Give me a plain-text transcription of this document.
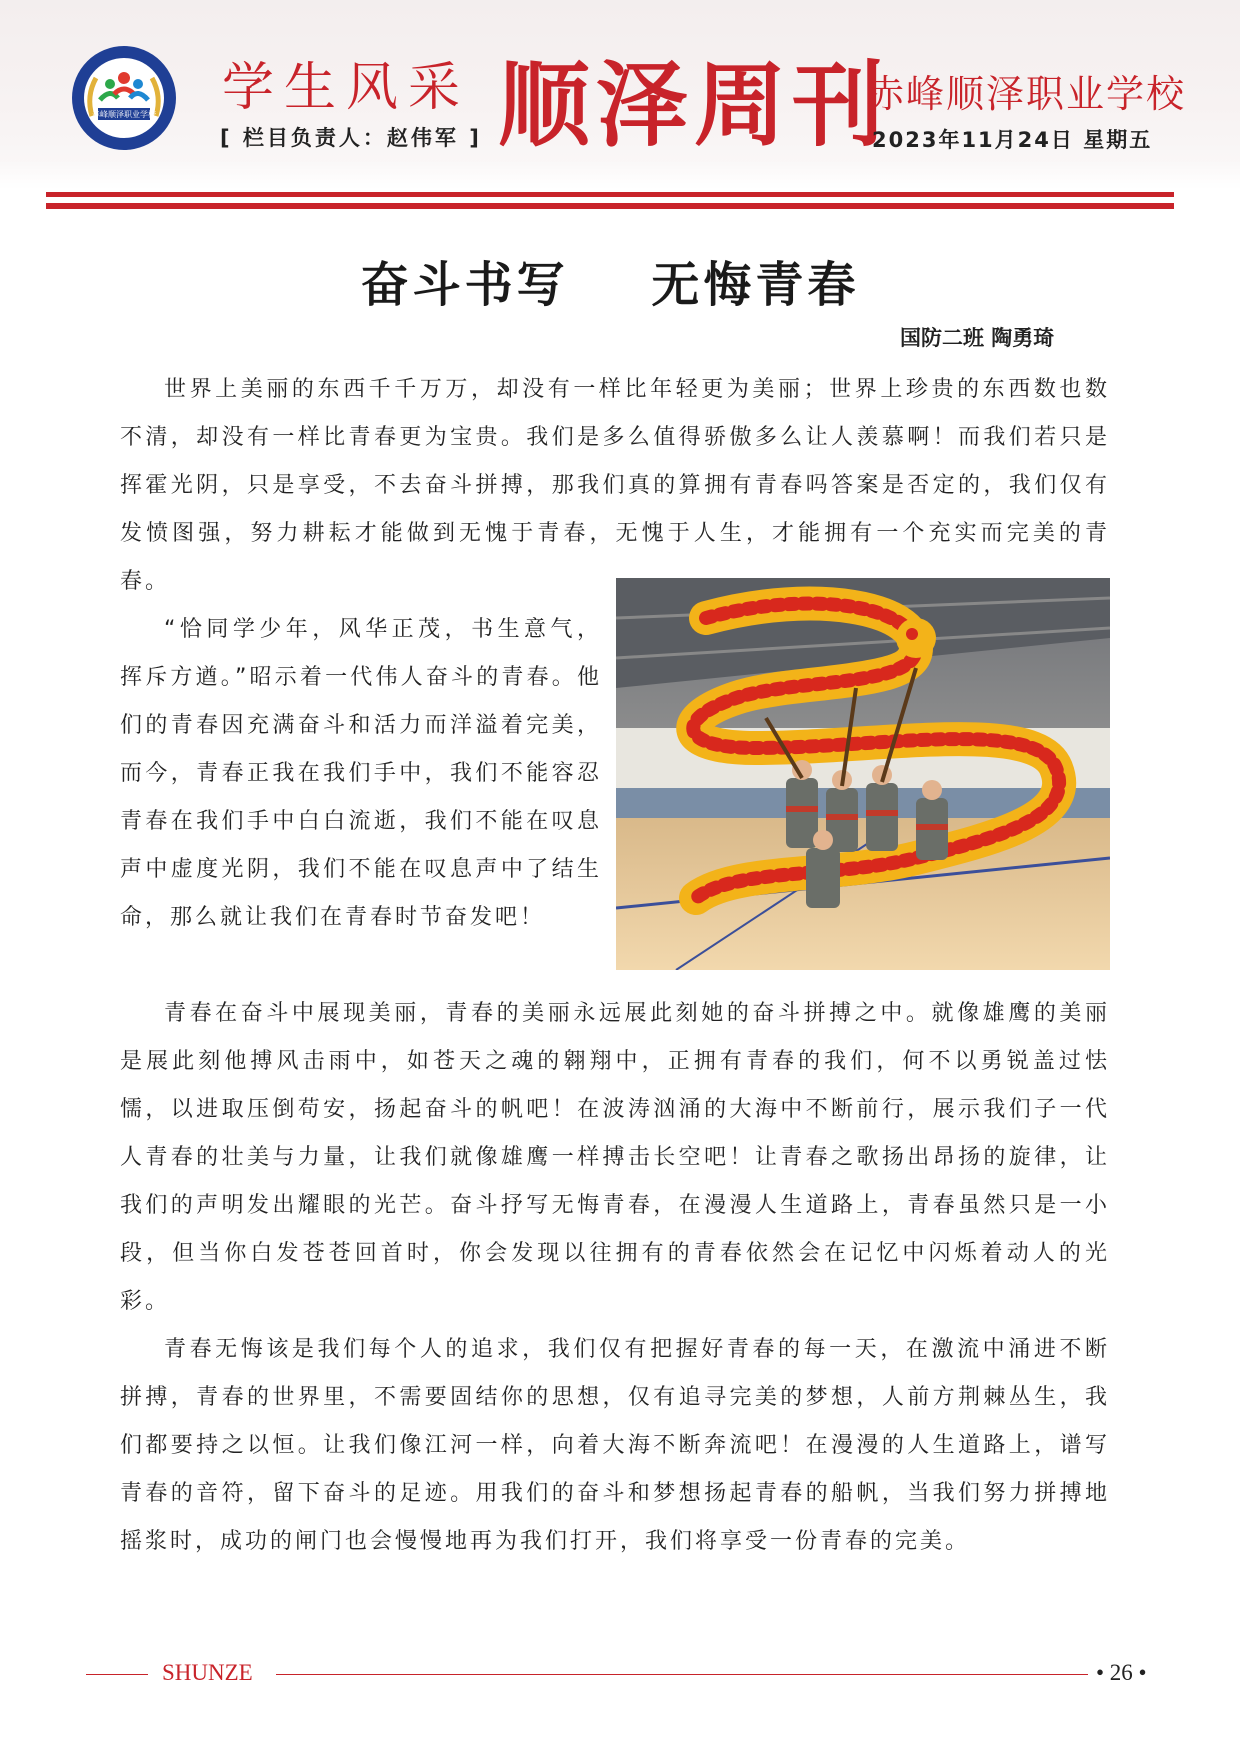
赤峰顺泽职业学校 学生风采
[ 栏目负责人：赵伟军 ] 顺泽周刊
赤峰顺泽职业学校
2023年11月24日 星期五
奋斗书写    无悔青春
国防二班 陶勇琦

世界上美丽的东西千千万万，却没有一样比年轻更为美丽；世界上珍贵的东西数也数不清，却没有一样比青春更为宝贵。我们是多么值得骄傲多么让人羡慕啊！而我们若只是挥霍光阴，只是享受，不去奋斗拼搏，那我们真的算拥有青春吗答案是否定的，我们仅有发愤图强，努力耕耘才能做到无愧于青春，无愧于人生，才能拥有一个充实而完美的青春。

“恰同学少年，风华正茂，书生意气，挥斥方遒。”昭示着一代伟人奋斗的青春。他们的青春因充满奋斗和活力而洋溢着完美，而今，青春正我在我们手中，我们不能容忍青春在我们手中白白流逝，我们不能在叹息声中虚度光阴，我们不能在叹息声中了结生命，那么就让我们在青春时节奋发吧！

青春在奋斗中展现美丽，青春的美丽永远展此刻她的奋斗拼搏之中。就像雄鹰的美丽是展此刻他搏风击雨中，如苍天之魂的翱翔中，正拥有青春的我们，何不以勇锐盖过怯懦，以进取压倒苟安，扬起奋斗的帆吧！在波涛汹涌的大海中不断前行，展示我们子一代人青春的壮美与力量，让我们就像雄鹰一样搏击长空吧！让青春之歌扬出昂扬的旋律，让我们的声明发出耀眼的光芒。奋斗抒写无悔青春，在漫漫人生道路上，青春虽然只是一小段，但当你白发苍苍回首时，你会发现以往拥有的青春依然会在记忆中闪烁着动人的光彩。

青春无悔该是我们每个人的追求，我们仅有把握好青春的每一天，在激流中涌进不断拼搏，青春的世界里，不需要固结你的思想，仅有追寻完美的梦想，人前方荆棘丛生，我们都要持之以恒。让我们像江河一样，向着大海不断奔流吧！在漫漫的人生道路上，谱写青春的音符，留下奋斗的足迹。用我们的奋斗和梦想扬起青春的船帆，当我们努力拼搏地摇浆时，成功的闸门也会慢慢地再为我们打开，我们将享受一份青春的完美。

SHUNZE	• 26 •
